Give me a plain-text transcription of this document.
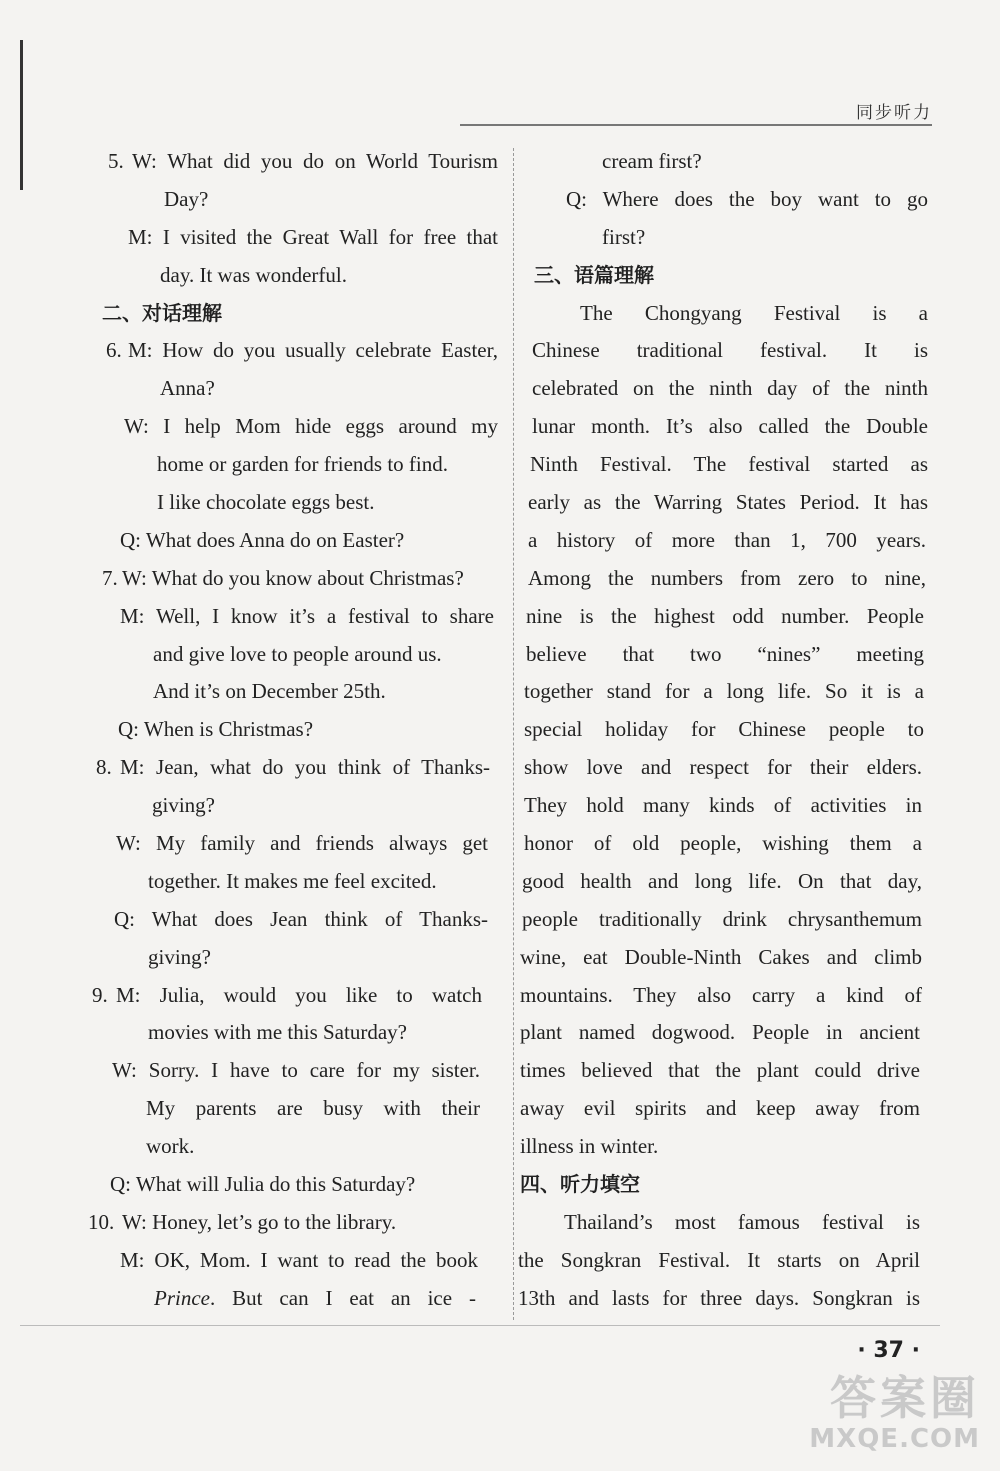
同步听力
5. W: What did you do on World Tourism
Day?
M: I visited the Great Wall for free that
day. It was wonderful.
二、对话理解
6. M: How do you usually celebrate Easter,
Anna?
W: I help Mom hide eggs around my
home or garden for friends to find.
I like chocolate eggs best.
Q: What does Anna do on Easter?
7. W: What do you know about Christmas?
M: Well, I know it’s a festival to share
and give love to people around us.
And it’s on December 25th.
Q: When is Christmas?
8. M: Jean, what do you think of Thanks-
giving?
W: My family and friends always get
together. It makes me feel excited.
Q: What does Jean think of Thanks-
giving?
9. M: Julia, would you like to watch
movies with me this Saturday?
W: Sorry. I have to care for my sister.
My parents are busy with their
work.
Q: What will Julia do this Saturday?
10. W: Honey, let’s go to the library.
M: OK, Mom. I want to read the book
Prince. But can I eat an ice -
cream first?
Q: Where does the boy want to go
first?
三、语篇理解
The Chongyang Festival is a
Chinese traditional festival. It is
celebrated on the ninth day of the ninth
lunar month. It’s also called the Double
Ninth Festival. The festival started as
early as the Warring States Period. It has
a history of more than 1, 700 years.
Among the numbers from zero to nine,
nine is the highest odd number. People
believe that two “nines” meeting
together stand for a long life. So it is a
special holiday for Chinese people to
show love and respect for their elders.
They hold many kinds of activities in
honor of old people, wishing them a
good health and long life. On that day,
people traditionally drink chrysanthemum
wine, eat Double-Ninth Cakes and climb
mountains. They also carry a kind of
plant named dogwood. People in ancient
times believed that the plant could drive
away evil spirits and keep away from
illness in winter.
四、听力填空
Thailand’s most famous festival is
the Songkran Festival. It starts on April
13th and lasts for three days. Songkran is
· 37 ·
答案圈
MXQE.COM
